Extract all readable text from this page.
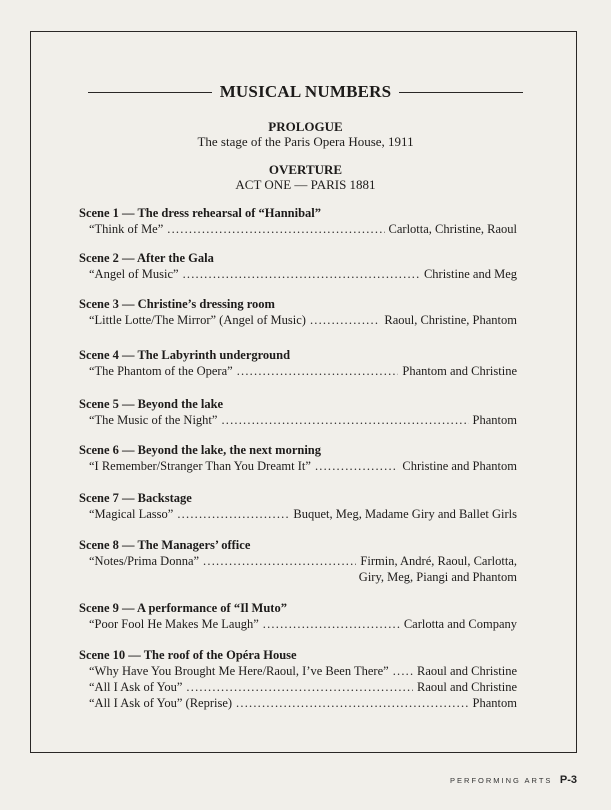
MUSICAL NUMBERS
PROLOGUE
The stage of the Paris Opera House, 1911
OVERTURE
ACT ONE — PARIS 1881
Scene 1 — The dress rehearsal of “Hannibal”
“Think of Me” .....	Carlotta, Christine, Raoul
Scene 2 — After the Gala
“Angel of Music” .....	Christine and Meg
Scene 3 — Christine’s dressing room
“Little Lotte/The Mirror” (Angel of Music) .....	Raoul, Christine, Phantom
Scene 4 — The Labyrinth underground
“The Phantom of the Opera” .....	Phantom and Christine
Scene 5 — Beyond the lake
“The Music of the Night” .....	Phantom
Scene 6 — Beyond the lake, the next morning
“I Remember/Stranger Than You Dreamt It” .....	Christine and Phantom
Scene 7 — Backstage
“Magical Lasso” .....	Buquet, Meg, Madame Giry and Ballet Girls
Scene 8 — The Managers’ office
“Notes/Prima Donna” .....	Firmin, André, Raoul, Carlotta,
Giry, Meg, Piangi and Phantom
Scene 9 — A performance of “Il Muto”
“Poor Fool He Makes Me Laugh” .....	Carlotta and Company
Scene 10 — The roof of the Opéra House
“Why Have You Brought Me Here/Raoul, I’ve Been There” ..... Raoul and Christine
“All I Ask of You” .....	Raoul and Christine
“All I Ask of You” (Reprise) .....	Phantom
PERFORMING ARTS P-3
